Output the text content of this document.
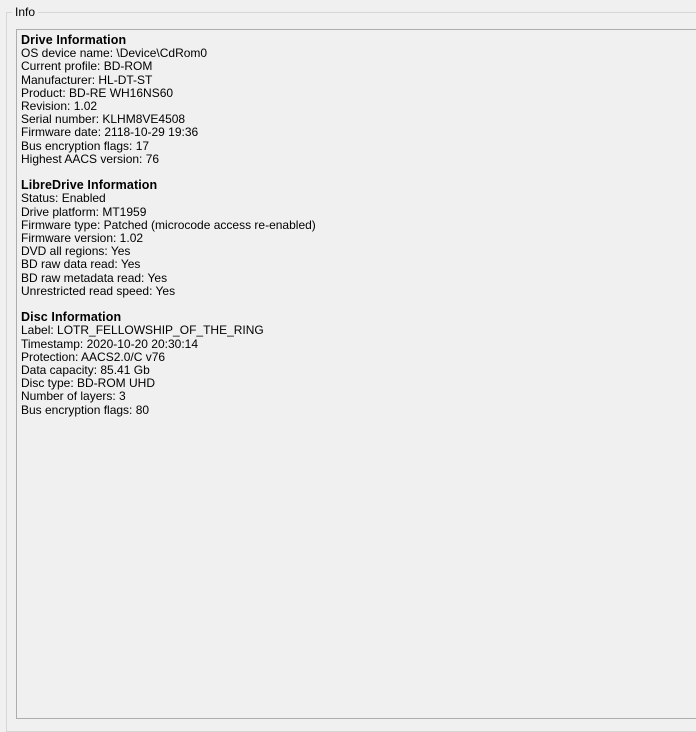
Info
Drive Information
OS device name: \Device\CdRom0
Current profile: BD-ROM
Manufacturer: HL-DT-ST
Product: BD-RE WH16NS60
Revision: 1.02
Serial number: KLHM8VE4508
Firmware date: 2118-10-29 19:36
Bus encryption flags: 17
Highest AACS version: 76
LibreDrive Information
Status: Enabled
Drive platform: MT1959
Firmware type: Patched (microcode access re-enabled)
Firmware version: 1.02
DVD all regions: Yes
BD raw data read: Yes
BD raw metadata read: Yes
Unrestricted read speed: Yes
Disc Information
Label: LOTR_FELLOWSHIP_OF_THE_RING
Timestamp: 2020-10-20 20:30:14
Protection: AACS2.0/C v76
Data capacity: 85.41 Gb
Disc type: BD-ROM UHD
Number of layers: 3
Bus encryption flags: 80
